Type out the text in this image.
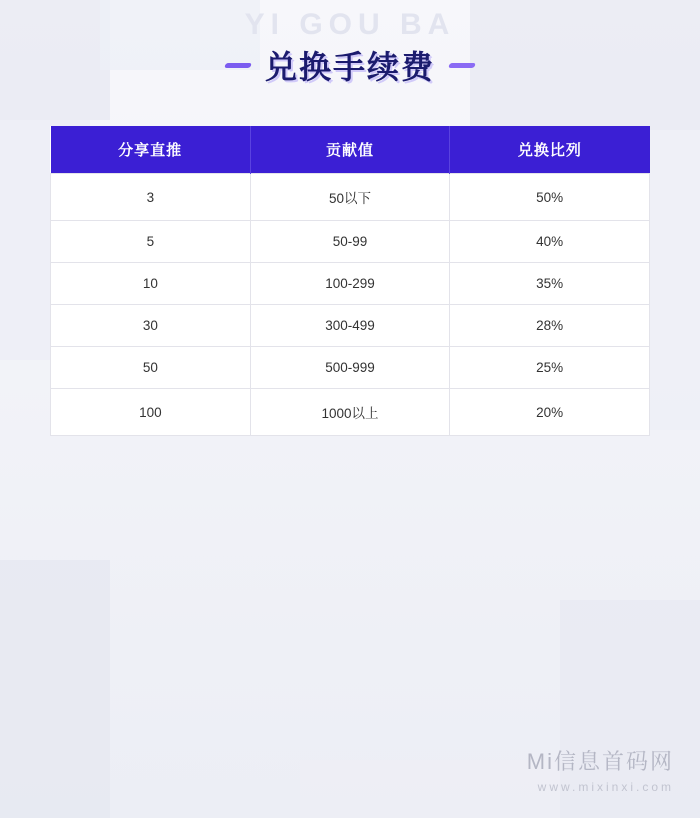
YI GOU BA
兑换手续费
分享直推	贡献值	兑换比列
3	50以下	50%
5	50-99	40%
10	100-299	35%
30	300-499	28%
50	500-999	25%
100	1000以上	20%
Mi信息首码网
www.mixinxi.com
